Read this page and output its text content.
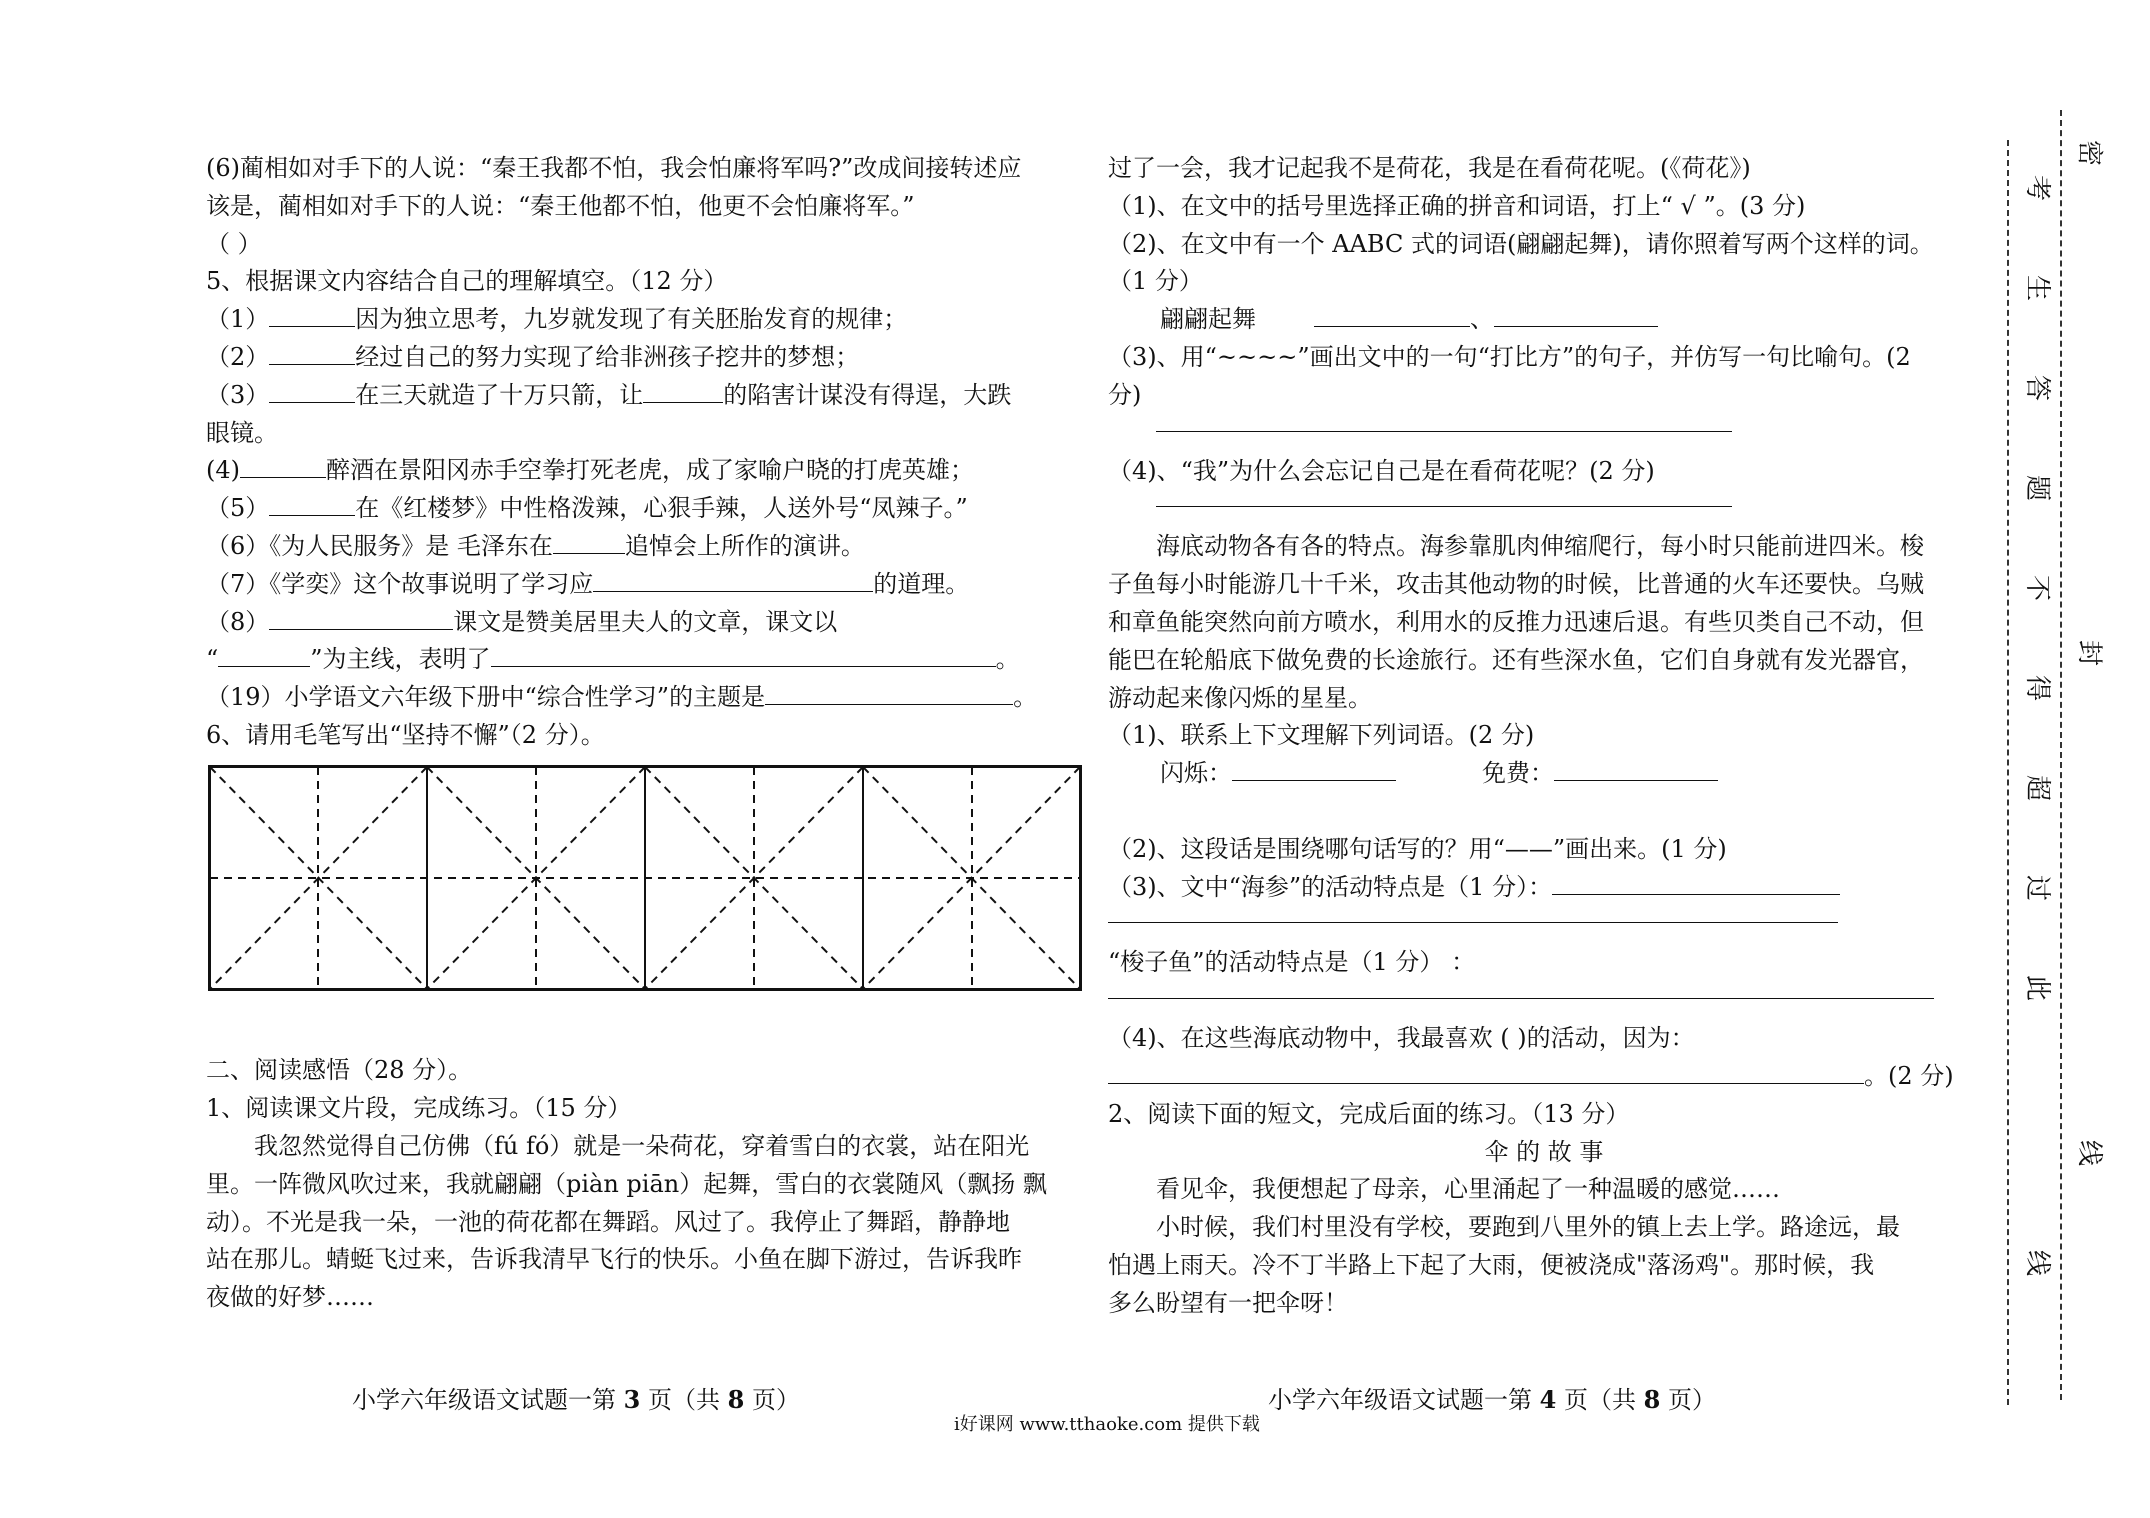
(6)蔺相如对手下的人说：“秦王我都不怕，我会怕廉将军吗?”改成间接转述应

该是，蔺相如对手下的人说：“秦王他都不怕，他更不会怕廉将军。”

（ ）

5、根据课文内容结合自己的理解填空。（12 分）

（1）	因为独立思考，九岁就发现了有关胚胎发育的规律；

（2）	经过自己的努力实现了给非洲孩子挖井的梦想；

（3）	在三天就造了十万只箭，让	的陷害计谋没有得逞，大跌

眼镜。

(4)	醉酒在景阳冈赤手空拳打死老虎，成了家喻户晓的打虎英雄；

（5）	在《红楼梦》中性格泼辣，心狠手辣，人送外号“凤辣子。”

（6）《为人民服务》是 毛泽东在	追悼会上所作的演讲。

（7）《学奕》这个故事说明了学习应	的道理。

（8）	课文是赞美居里夫人的文章，课文以

“	”为主线，表明了	。

（19）小学语文六年级下册中“综合性学习”的主题是	。

6、请用毛笔写出“坚持不懈”（2 分）。

二、阅读感悟（28 分）。

1、阅读课文片段，完成练习。（15 分）

我忽然觉得自己仿佛（fú fó）就是一朵荷花，穿着雪白的衣裳，站在阳光

里。一阵微风吹过来，我就翩翩（piàn piān）起舞，雪白的衣裳随风（飘扬 飘

动）。不光是我一朵，一池的荷花都在舞蹈。风过了。我停止了舞蹈，静静地

站在那儿。蜻蜓飞过来，告诉我清早飞行的快乐。小鱼在脚下游过，告诉我昨

夜做的好梦……

过了一会，我才记起我不是荷花，我是在看荷花呢。(《荷花》)

（1)、在文中的括号里选择正确的拼音和词语，打上“ √ ”。(3 分)

（2)、在文中有一个 AABC 式的词语(翩翩起舞)，请你照着写两个这样的词。

（1 分）

翩翩起舞	、

（3)、用“~~~~”画出文中的一句“打比方”的句子，并仿写一句比喻句。(2

分)

（4)、“我”为什么会忘记自己是在看荷花呢？(2 分)

海底动物各有各的特点。海参靠肌肉伸缩爬行，每小时只能前进四米。梭

子鱼每小时能游几十千米，攻击其他动物的时候，比普通的火车还要快。乌贼

和章鱼能突然向前方喷水，利用水的反推力迅速后退。有些贝类自己不动，但

能巴在轮船底下做免费的长途旅行。还有些深水鱼，它们自身就有发光器官，

游动起来像闪烁的星星。

（1)、联系上下文理解下列词语。(2 分)

闪烁：	免费：

（2)、这段话是围绕哪句话写的？用“——”画出来。(1 分)

（3)、文中“海参”的活动特点是（1 分）：

“梭子鱼”的活动特点是（1 分） ：

（4)、在这些海底动物中，我最喜欢 ( )的活动，因为：

。(2 分)

2、阅读下面的短文，完成后面的练习。（13 分）

伞 的 故 事

看见伞，我便想起了母亲，心里涌起了一种温暖的感觉……

小时候，我们村里没有学校，要跑到八里外的镇上去上学。路途远，最

怕遇上雨天。冷不丁半路上下起了大雨，便被浇成"落汤鸡"。那时候，我

多么盼望有一把伞呀！

小学六年级语文试题一第 3 页（共 8 页）	小学六年级语文试题一第 4 页（共 8 页）
i好课网 www.tthaoke.com 提供下载
考
生
答
题
不
得
超
过
此
线
密
封
线
